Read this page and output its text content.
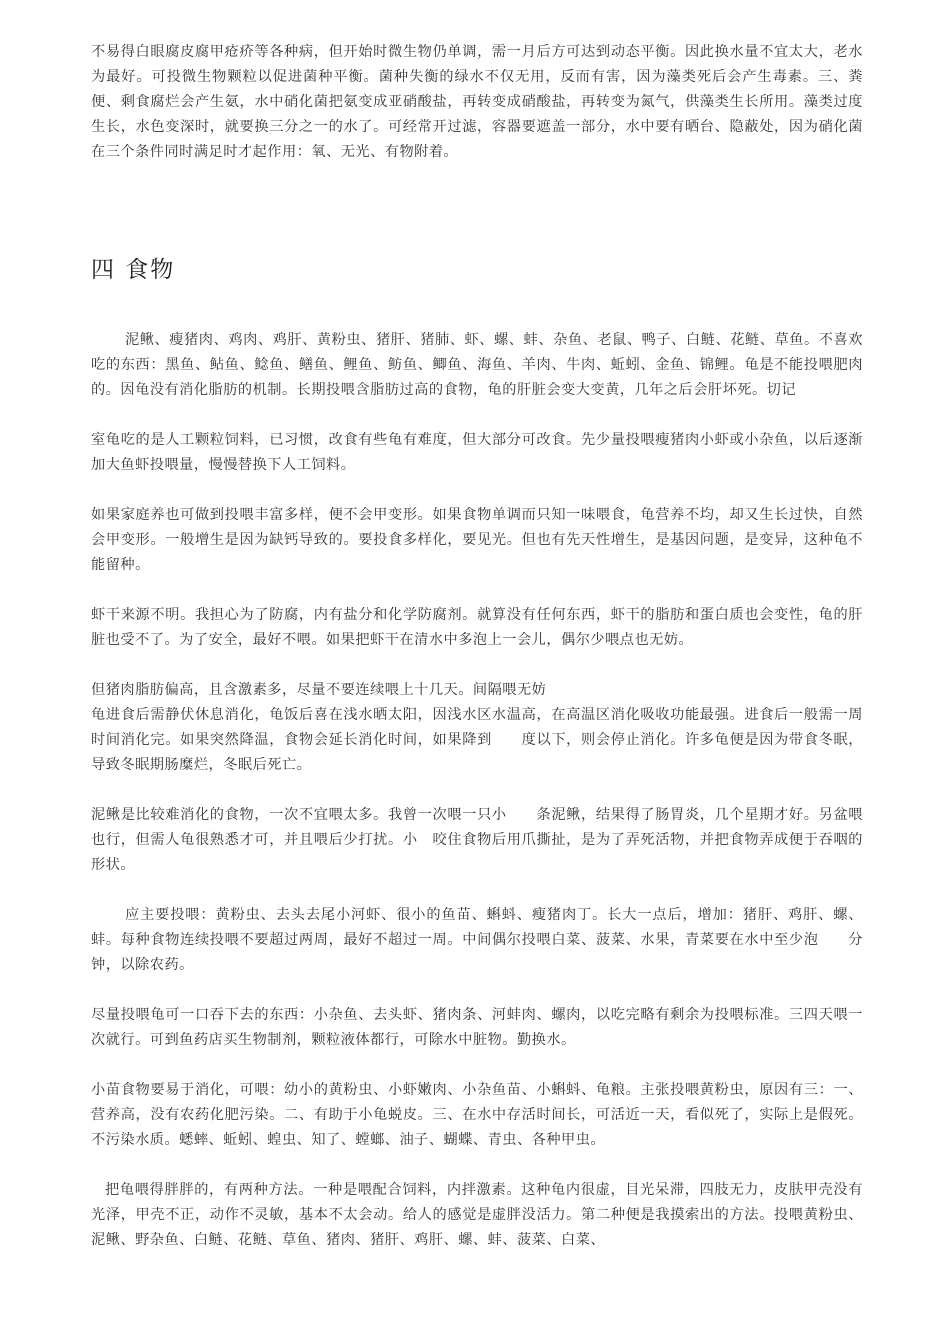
不易得白眼腐皮腐甲疮疥等各种病，但开始时微生物仍单调，需一月后方可达到动态平衡。因此换水量不宜太大，老水为最好。可投微生物颗粒以促进菌种平衡。菌种失衡的绿水不仅无用，反而有害，因为藻类死后会产生毒素。三、粪便、剩食腐烂会产生氨，水中硝化菌把氨变成亚硝酸盐，再转变成硝酸盐，再转变为氮气，供藻类生长所用。藻类过度生长，水色变深时，就要换三分之一的水了。可经常开过滤，容器要遮盖一部分，水中要有晒台、隐蔽处，因为硝化菌在三个条件同时满足时才起作用：氧、无光、有物附着。

四 食物

泥鳅、瘦猪肉、鸡肉、鸡肝、黄粉虫、猪肝、猪肺、虾、螺、蚌、杂鱼、老鼠、鸭子、白鲢、花鲢、草鱼。不喜欢吃的东西：黑鱼、鲇鱼、鲶鱼、鳝鱼、鲤鱼、鲂鱼、鲫鱼、海鱼、羊肉、牛肉、蚯蚓、金鱼、锦鲤。龟是不能投喂肥肉的。因龟没有消化脂肪的机制。长期投喂含脂肪过高的食物，龟的肝脏会变大变黄，几年之后会肝坏死。切记

室龟吃的是人工颗粒饲料，已习惯，改食有些龟有难度，但大部分可改食。先少量投喂瘦猪肉小虾或小杂鱼，以后逐渐加大鱼虾投喂量，慢慢替换下人工饲料。

如果家庭养也可做到投喂丰富多样，便不会甲变形。如果食物单调而只知一味喂食，龟营养不均，却又生长过快，自然会甲变形。一般增生是因为缺钙导致的。要投食多样化，要见光。但也有先天性增生，是基因问题，是变异，这种龟不能留种。

虾干来源不明。我担心为了防腐，内有盐分和化学防腐剂。就算没有任何东西，虾干的脂肪和蛋白质也会变性，龟的肝脏也受不了。为了安全，最好不喂。如果把虾干在清水中多泡上一会儿，偶尔少喂点也无妨。

但猪肉脂肪偏高，且含激素多，尽量不要连续喂上十几天。间隔喂无妨

龟进食后需静伏休息消化，龟饭后喜在浅水晒太阳，因浅水区水温高，在高温区消化吸收功能最强。进食后一般需一周时间消化完。如果突然降温，食物会延长消化时间，如果降到　　度以下，则会停止消化。许多龟便是因为带食冬眠，导致冬眠期肠糜烂，冬眠后死亡。

泥鳅是比较难消化的食物，一次不宜喂太多。我曾一次喂一只小　　条泥鳅，结果得了肠胃炎，几个星期才好。另盆喂也行，但需人龟很熟悉才可，并且喂后少打扰。小　咬住食物后用爪撕扯，是为了弄死活物，并把食物弄成便于吞咽的形状。

应主要投喂：黄粉虫、去头去尾小河虾、很小的鱼苗、蝌蚪、瘦猪肉丁。长大一点后，增加：猪肝、鸡肝、螺、蚌。每种食物连续投喂不要超过两周，最好不超过一周。中间偶尔投喂白菜、菠菜、水果，青菜要在水中至少泡　　分钟，以除农药。

尽量投喂龟可一口吞下去的东西：小杂鱼、去头虾、猪肉条、河蚌肉、螺肉，以吃完略有剩余为投喂标准。三四天喂一次就行。可到鱼药店买生物制剂，颗粒液体都行，可除水中脏物。勤换水。

小苗食物要易于消化，可喂：幼小的黄粉虫、小虾嫩肉、小杂鱼苗、小蝌蚪、龟粮。主张投喂黄粉虫，原因有三：一、营养高，没有农药化肥污染。二、有助于小龟蜕皮。三、在水中存活时间长，可活近一天，看似死了，实际上是假死。不污染水质。蟋蟀、蚯蚓、蝗虫、知了、螳螂、油子、蝴蝶、青虫、各种甲虫。

把龟喂得胖胖的，有两种方法。一种是喂配合饲料，内拌激素。这种龟内很虚，目光呆滞，四肢无力，皮肤甲壳没有光泽，甲壳不正，动作不灵敏，基本不太会动。给人的感觉是虚胖没活力。第二种便是我摸索出的方法。投喂黄粉虫、泥鳅、野杂鱼、白鲢、花鲢、草鱼、猪肉、猪肝、鸡肝、螺、蚌、菠菜、白菜、
